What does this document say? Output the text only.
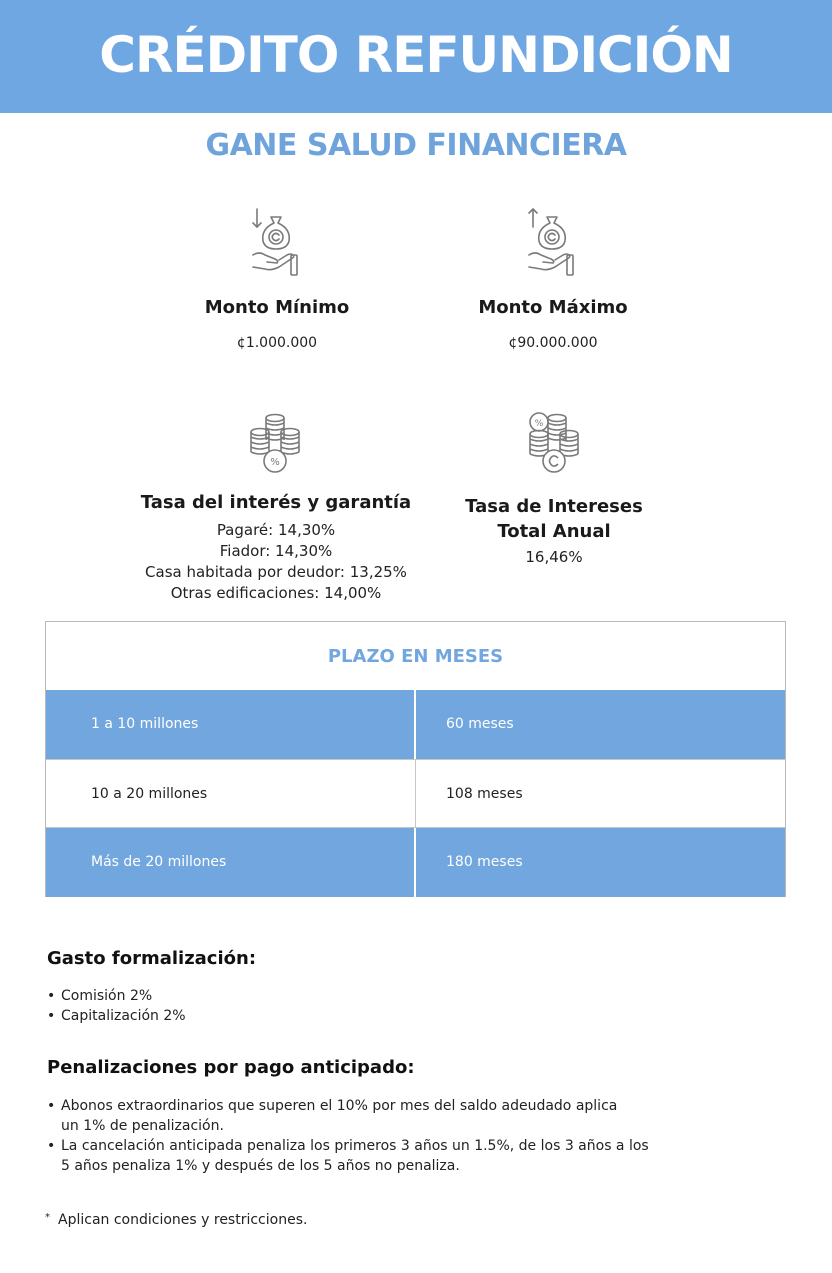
CRÉDITO REFUNDICIÓN
GANE SALUD FINANCIERA
Monto Mínimo
¢1.000.000
Monto Máximo
¢90.000.000
%
Tasa del interés y garantía
Pagaré: 14,30%
Fiador: 14,30%
Casa habitada por deudor: 13,25%
Otras edificaciones: 14,00%
%
Tasa de Intereses
Total Anual
16,46%
PLAZO EN MESES
1 a 10 millones	60 meses
10 a 20 millones	108 meses
Más de 20 millones	180 meses
Gasto formalización:
• Comisión 2%
• Capitalización 2%
Penalizaciones por pago anticipado:
• Abonos extraordinarios que superen el 10% por mes del saldo adeudado aplica
un 1% de penalización.
• La cancelación anticipada penaliza los primeros 3 años un 1.5%, de los 3 años a los
5 años penaliza 1% y después de los 5 años no penaliza.
* Aplican condiciones y restricciones.
